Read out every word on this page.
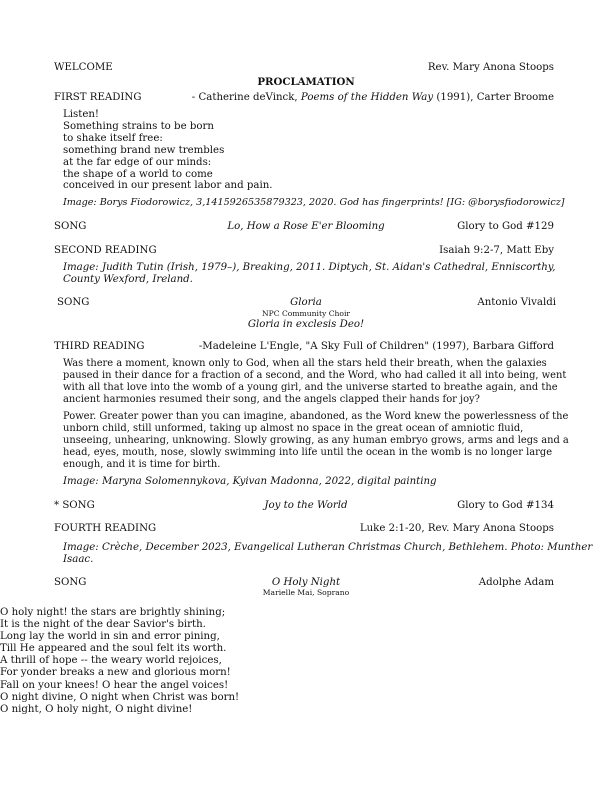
WELCOME	Rev. Mary Anona Stoops
PROCLAMATION
FIRST READING	- Catherine deVinck, Poems of the Hidden Way (1991), Carter Broome
Listen!
Something strains to be born
to shake itself free:
something brand new trembles
at the far edge of our minds:
the shape of a world to come
conceived in our present labor and pain.
Image: Borys Fiodorowicz, 3,1415926535879323, 2020. God has fingerprints! [IG: @borysfiodorowicz]
SONG	Lo, How a Rose E'er Blooming	Glory to God #129
SECOND READING	Isaiah 9:2-7, Matt Eby
Image: Judith Tutin (Irish, 1979–), Breaking, 2011. Diptych, St. Aidan's Cathedral, Enniscorthy,
County Wexford, Ireland.
SONG	Gloria	Antonio Vivaldi
NPC Community Choir
Gloria in exclesis Deo!
THIRD READING	-Madeleine L'Engle, "A Sky Full of Children" (1997), Barbara Gifford
Was there a moment, known only to God, when all the stars held their breath, when the galaxies
paused in their dance for a fraction of a second, and the Word, who had called it all into being, went
with all that love into the womb of a young girl, and the universe started to breathe again, and the
ancient harmonies resumed their song, and the angels clapped their hands for joy?
Power. Greater power than you can imagine, abandoned, as the Word knew the powerlessness of the
unborn child, still unformed, taking up almost no space in the great ocean of amniotic fluid,
unseeing, unhearing, unknowing. Slowly growing, as any human embryo grows, arms and legs and a
head, eyes, mouth, nose, slowly swimming into life until the ocean in the womb is no longer large
enough, and it is time for birth.
Image: Maryna Solomennykova, Kyivan Madonna, 2022, digital painting
* SONG	Joy to the World	Glory to God #134
FOURTH READING	Luke 2:1-20, Rev. Mary Anona Stoops
Image: Crèche, December 2023, Evangelical Lutheran Christmas Church, Bethlehem. Photo: Munther
Isaac.
SONG	O Holy Night	Adolphe Adam
Marielle Mai, Soprano
O holy night! the stars are brightly shining;
It is the night of the dear Savior's birth.
Long lay the world in sin and error pining,
Till He appeared and the soul felt its worth.
A thrill of hope -- the weary world rejoices,
For yonder breaks a new and glorious morn!
Fall on your knees! O hear the angel voices!
O night divine, O night when Christ was born!
O night, O holy night, O night divine!
